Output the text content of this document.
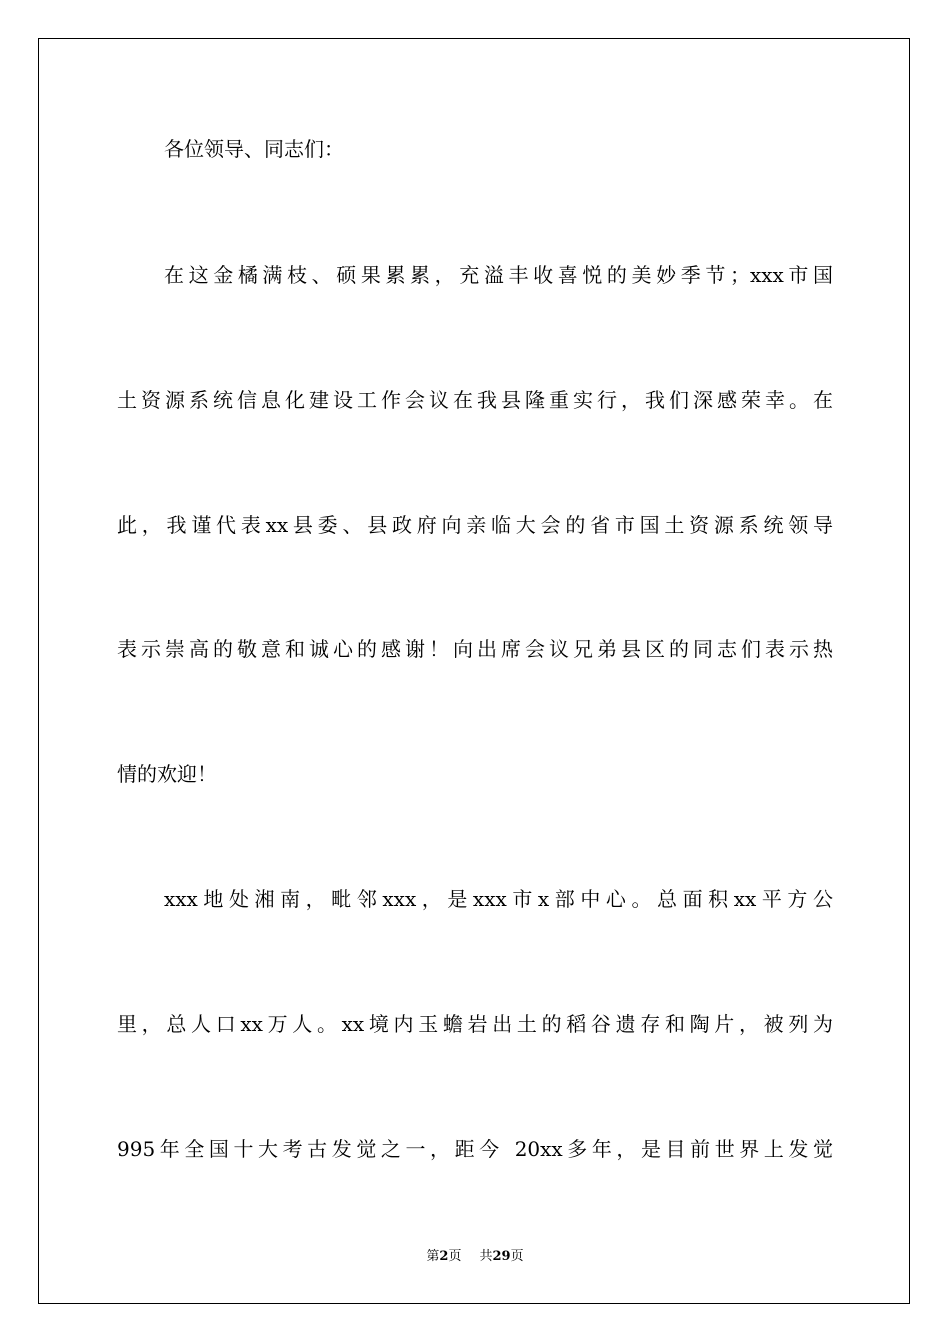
各位领导、同志们：
在这金橘满枝、硕果累累，充溢丰收喜悦的美妙季节；xxx市国
土资源系统信息化建设工作会议在我县隆重实行，我们深感荣幸。在
此，我谨代表xx县委、县政府向亲临大会的省市国土资源系统领导
表示崇高的敬意和诚心的感谢！向出席会议兄弟县区的同志们表示热
情的欢迎！
xxx地处湘南，毗邻xxx，是xxx市x部中心。总面积xx平方公
里，总人口xx万人。xx境内玉蟾岩出土的稻谷遗存和陶片，被列为
995年全国十大考古发觉之一，距今 20xx多年，是目前世界上发觉
第2页 共29页
